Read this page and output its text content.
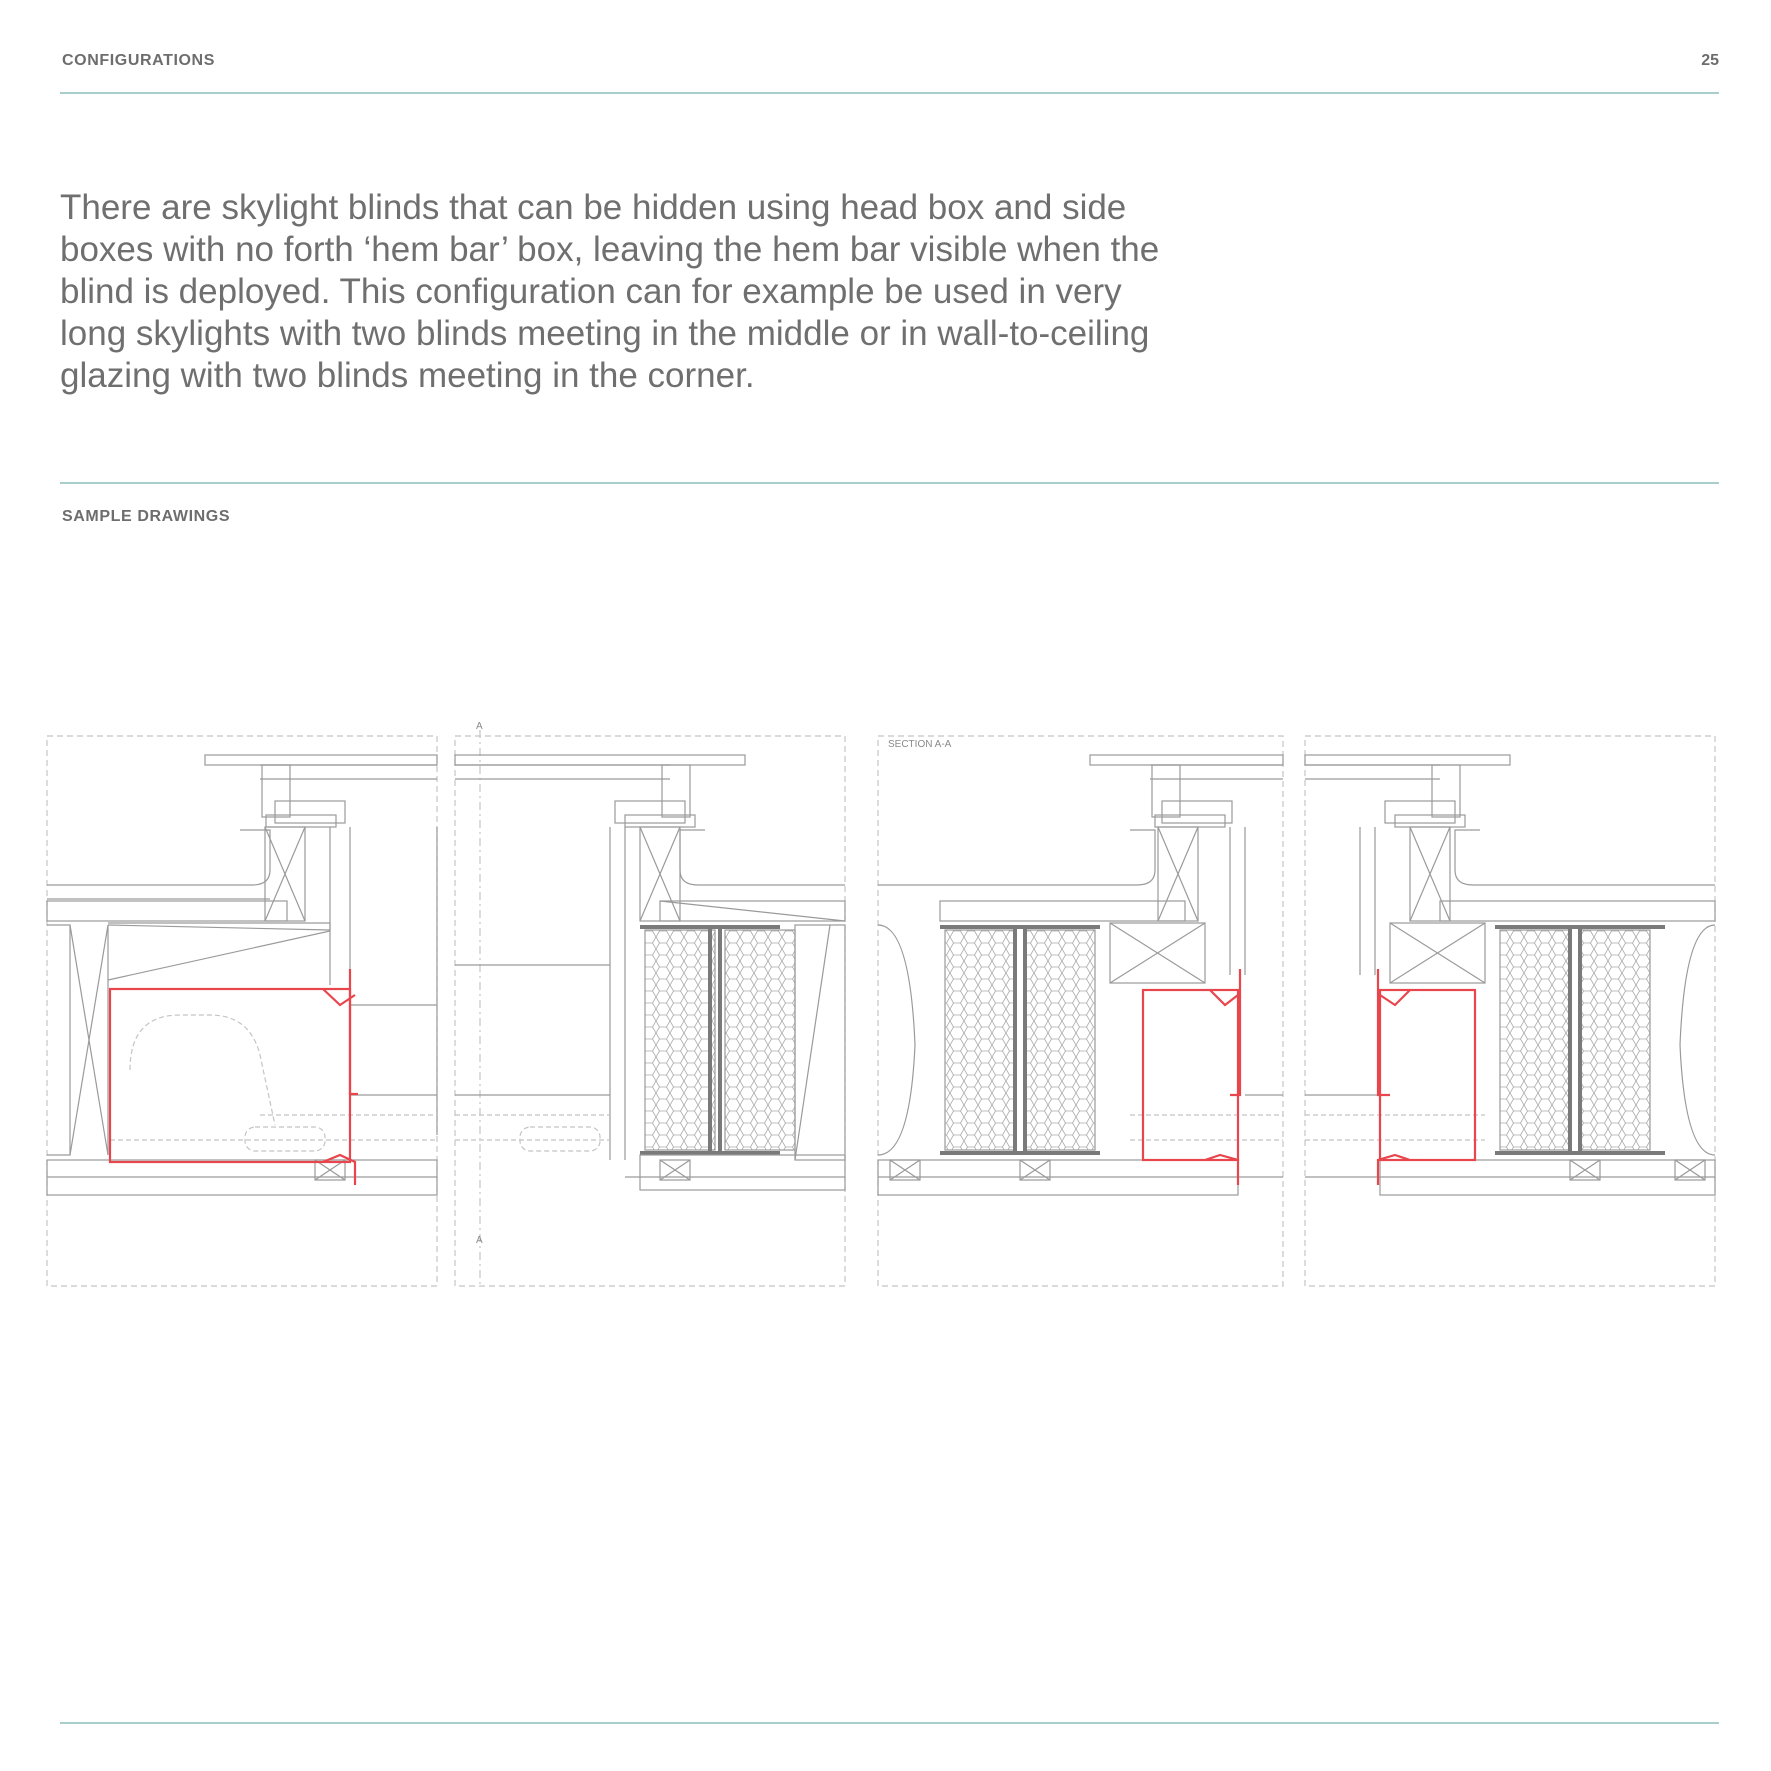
CONFIGURATIONS	25

There are skylight blinds that can be hidden using head box and side boxes with no forth ‘hem bar’ box, leaving the hem bar visible when the blind is deployed. This configuration can for example be used in very long skylights with two blinds meeting in the middle or in wall-to-ceiling glazing with two blinds meeting in the corner.

SAMPLE DRAWINGS
A
A
SECTION A-A
